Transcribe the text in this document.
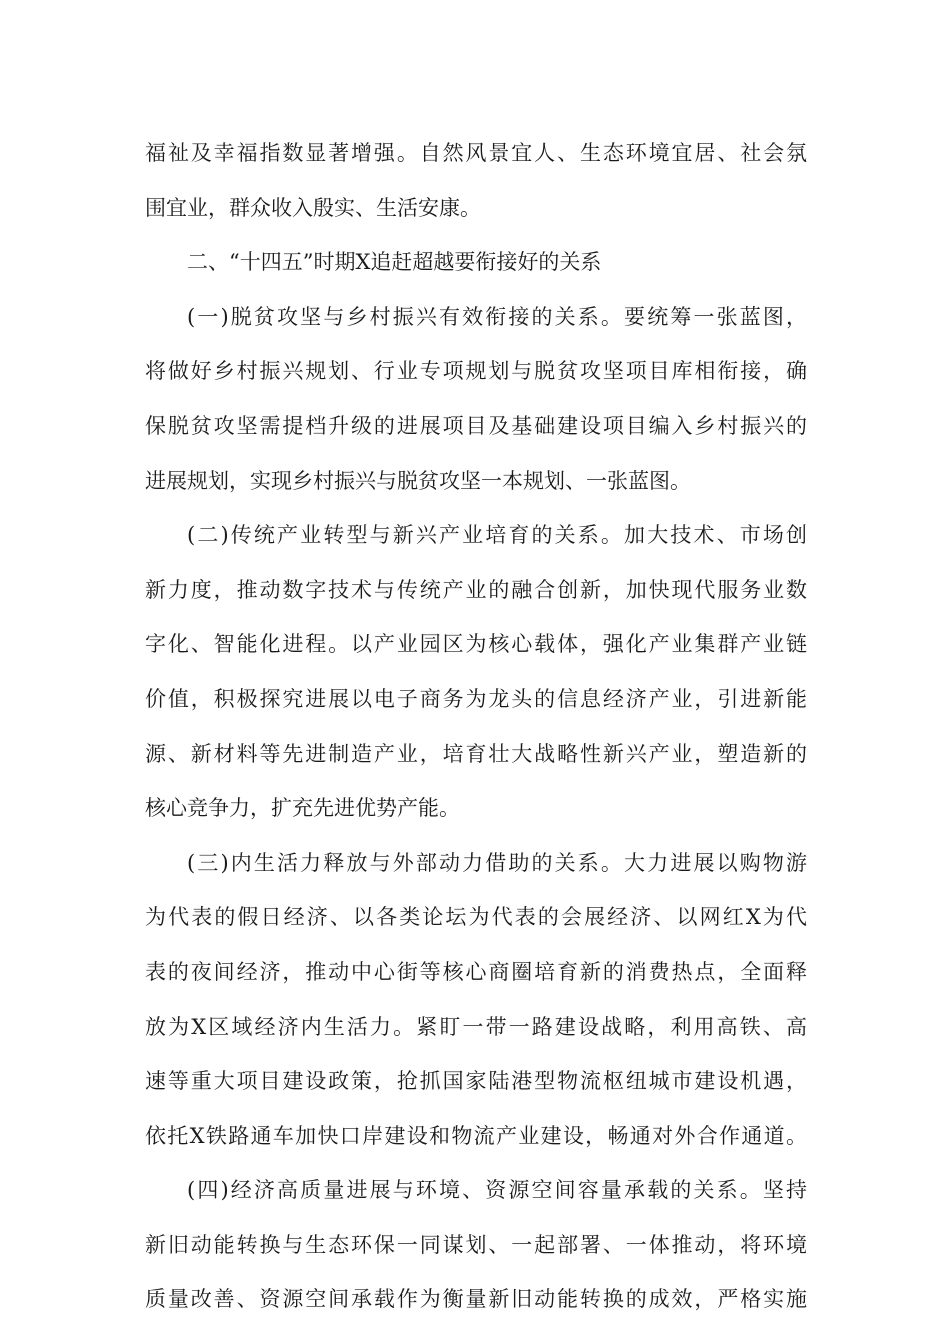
福祉及幸福指数显著增强。自然风景宜人、生态环境宜居、社会氛
围宜业，群众收入殷实、生活安康。
二、“十四五”时期X追赶超越要衔接好的关系
(一)脱贫攻坚与乡村振兴有效衔接的关系。要统筹一张蓝图，
将做好乡村振兴规划、行业专项规划与脱贫攻坚项目库相衔接，确
保脱贫攻坚需提档升级的进展项目及基础建设项目编入乡村振兴的
进展规划，实现乡村振兴与脱贫攻坚一本规划、一张蓝图。
(二)传统产业转型与新兴产业培育的关系。加大技术、市场创
新力度，推动数字技术与传统产业的融合创新，加快现代服务业数
字化、智能化进程。以产业园区为核心载体，强化产业集群产业链
价值，积极探究进展以电子商务为龙头的信息经济产业，引进新能
源、新材料等先进制造产业，培育壮大战略性新兴产业，塑造新的
核心竞争力，扩充先进优势产能。
(三)内生活力释放与外部动力借助的关系。大力进展以购物游
为代表的假日经济、以各类论坛为代表的会展经济、以网红X为代
表的夜间经济，推动中心街等核心商圈培育新的消费热点，全面释
放为X区域经济内生活力。紧盯一带一路建设战略，利用高铁、高
速等重大项目建设政策，抢抓国家陆港型物流枢纽城市建设机遇，
依托X铁路通车加快口岸建设和物流产业建设，畅通对外合作通道。
(四)经济高质量进展与环境、资源空间容量承载的关系。坚持
新旧动能转换与生态环保一同谋划、一起部署、一体推动，将环境
质量改善、资源空间承载作为衡量新旧动能转换的成效，严格实施
